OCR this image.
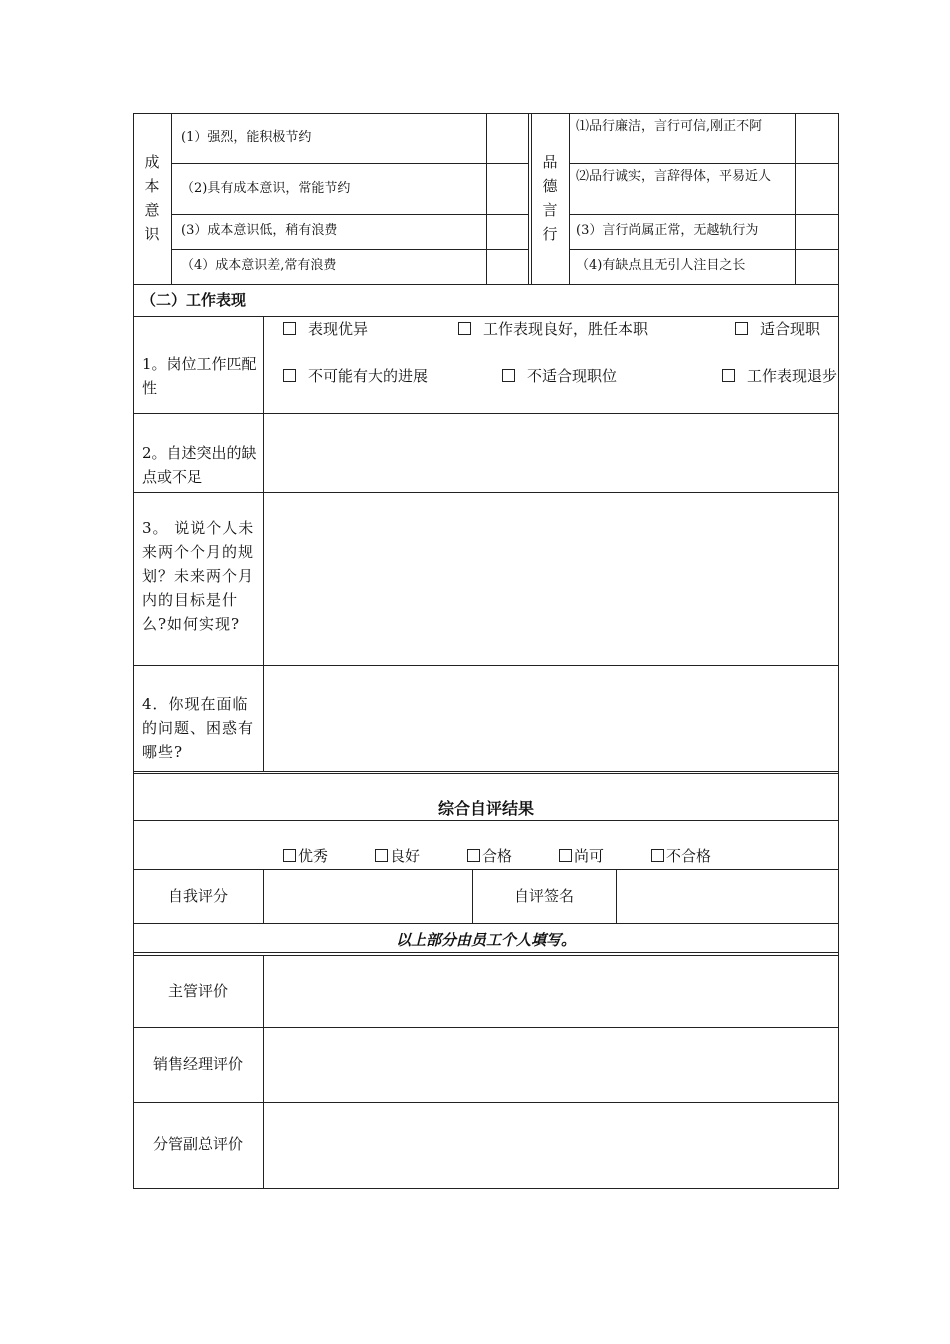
成本意识
(1）强烈，能积极节约
（2)具有成本意识，常能节约
(3）成本意识低，稍有浪费
（4）成本意识差,常有浪费
品德言行
⑴品行廉洁，言行可信,刚正不阿
⑵品行诚实，言辞得体，平易近人
(3）言行尚属正常，无越轨行为
（4)有缺点且无引人注目之长
（二）工作表现
1。岗位工作匹配性
表现优异	工作表现良好，胜任本职	适合现职
不可能有大的进展	不适合现职位	工作表现退步
2。自述突出的缺点或不足
3。 说说个人未来两个个月的规划？未来两个月内的目标是什么?如何实现?
4．你现在面临的问题、困惑有哪些?
综合自评结果
优秀	良好	合格	尚可	不合格
自我评分	自评签名
以上部分由员工个人填写。
主管评价
销售经理评价
分管副总评价
